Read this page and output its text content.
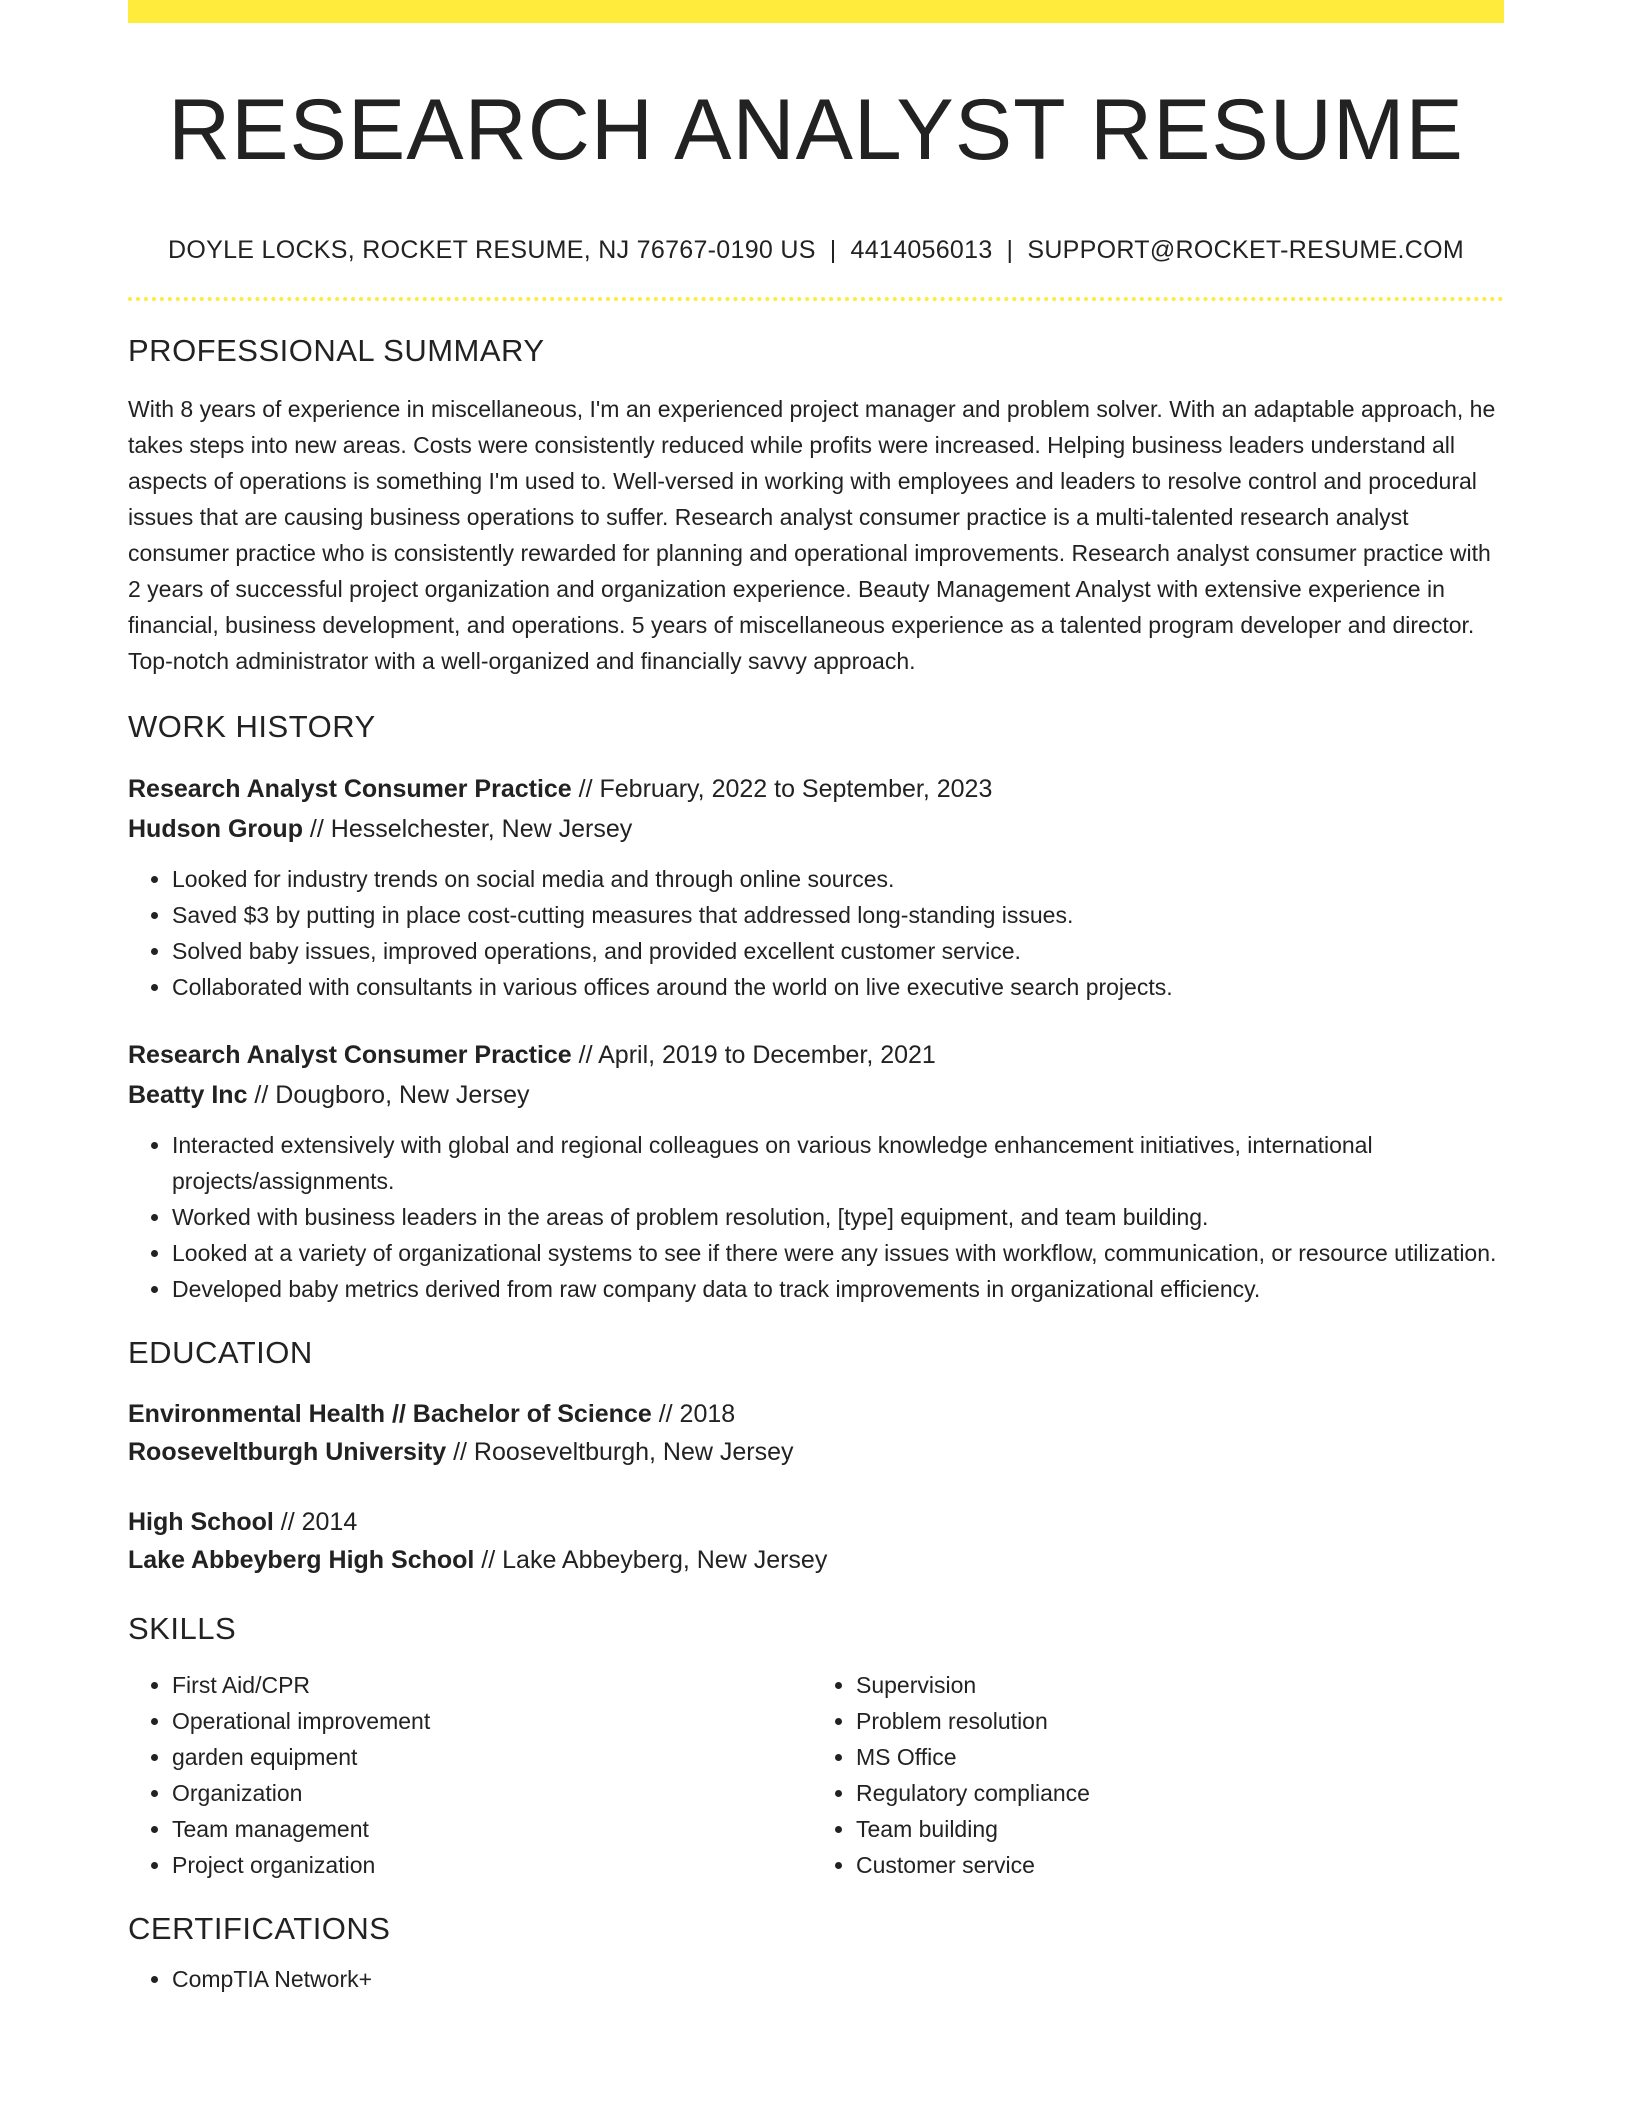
RESEARCH ANALYST RESUME
DOYLE LOCKS, ROCKET RESUME, NJ 76767-0190 US | 4414056013 | SUPPORT@ROCKET-RESUME.COM
PROFESSIONAL SUMMARY

With 8 years of experience in miscellaneous, I'm an experienced project manager and problem solver. With an adaptable approach, he takes steps into new areas. Costs were consistently reduced while profits were increased. Helping business leaders understand all aspects of operations is something I'm used to. Well-versed in working with employees and leaders to resolve control and procedural issues that are causing business operations to suffer. Research analyst consumer practice is a multi-talented research analyst consumer practice who is consistently rewarded for planning and operational improvements. Research analyst consumer practice with 2 years of successful project organization and organization experience. Beauty Management Analyst with extensive experience in financial, business development, and operations. 5 years of miscellaneous experience as a talented program developer and director. Top-notch administrator with a well-organized and financially savvy approach.

WORK HISTORY
Research Analyst Consumer Practice // February, 2022 to September, 2023
Hudson Group // Hesselchester, New Jersey
• Looked for industry trends on social media and through online sources.
• Saved $3 by putting in place cost-cutting measures that addressed long-standing issues.
• Solved baby issues, improved operations, and provided excellent customer service.
• Collaborated with consultants in various offices around the world on live executive search projects.
Research Analyst Consumer Practice // April, 2019 to December, 2021
Beatty Inc // Dougboro, New Jersey
• Interacted extensively with global and regional colleagues on various knowledge enhancement initiatives, international projects/assignments.
• Worked with business leaders in the areas of problem resolution, [type] equipment, and team building.
• Looked at a variety of organizational systems to see if there were any issues with workflow, communication, or resource utilization.
• Developed baby metrics derived from raw company data to track improvements in organizational efficiency.
EDUCATION
Environmental Health // Bachelor of Science // 2018
Rooseveltburgh University // Rooseveltburgh, New Jersey
High School // 2014
Lake Abbeyberg High School // Lake Abbeyberg, New Jersey
SKILLS
• First Aid/CPR
• Operational improvement
• garden equipment
• Organization
• Team management
• Project organization
• Supervision
• Problem resolution
• MS Office
• Regulatory compliance
• Team building
• Customer service
CERTIFICATIONS
• CompTIA Network+
